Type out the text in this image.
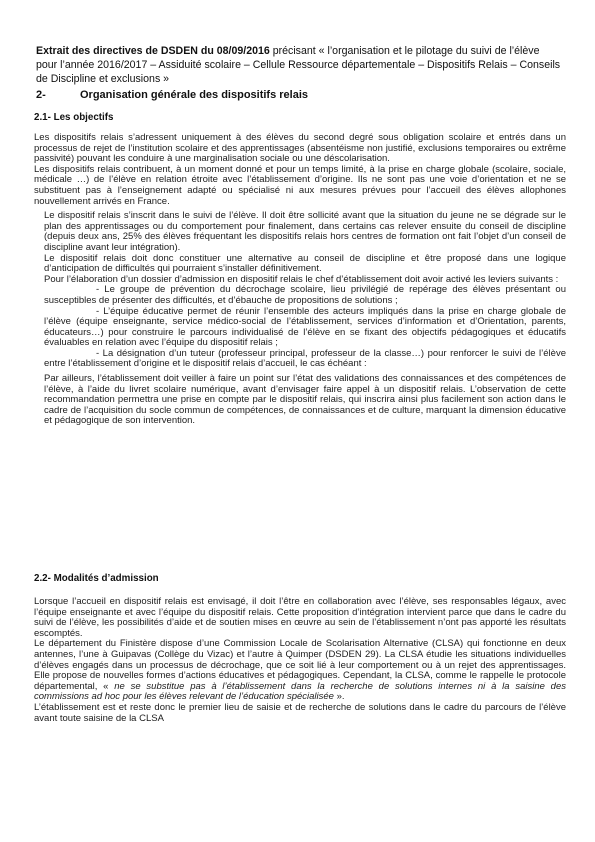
Extrait des directives de DSDEN du 08/09/2016 précisant « l’organisation et le pilotage du suivi de l’élève pour l’année 2016/2017 – Assiduité scolaire – Cellule Ressource départementale – Dispositifs Relais – Conseils de Discipline et exclusions »
2-	Organisation générale des dispositifs relais
2.1- Les objectifs

Les dispositifs relais s’adressent uniquement à des élèves du second degré sous obligation scolaire et entrés dans un processus de rejet de l’institution scolaire et des apprentissages (absentéisme non justifié, exclusions temporaires ou extrême passivité) pouvant les conduire à une marginalisation sociale ou une déscolarisation.

Les dispositifs relais contribuent, à un moment donné et pour un temps limité, à la prise en charge globale (scolaire, sociale, médicale …) de l’élève en relation étroite avec l’établissement d’origine. Ils ne sont pas une voie d’orientation et ne se substituent pas à l’enseignement adapté ou spécialisé ni aux mesures prévues pour l’accueil des élèves allophones nouvellement arrivés en France.

Le dispositif relais s’inscrit dans le suivi de l’élève. Il doit être sollicité avant que la situation du jeune ne se dégrade sur le plan des apprentissages ou du comportement pour finalement, dans certains cas relever ensuite du conseil de discipline (depuis deux ans, 25% des élèves fréquentant les dispositifs relais hors centres de formation ont fait l’objet d’un conseil de discipline avant leur intégration).

Le dispositif relais doit donc constituer une alternative au conseil de discipline et être proposé dans une logique d’anticipation de difficultés qui pourraient s’installer définitivement.

Pour l’élaboration d’un dossier d’admission en dispositif relais le chef d’établissement doit avoir activé les leviers suivants :

- Le groupe de prévention du décrochage scolaire, lieu privilégié de repérage des élèves présentant ou susceptibles de présenter des difficultés, et d’ébauche de propositions de solutions ;

- L’équipe éducative permet de réunir l’ensemble des acteurs impliqués dans la prise en charge globale de l’élève (équipe enseignante, service médico-social de l’établissement, services d’information et d’Orientation, parents, éducateurs…) pour construire le parcours individualisé de l’élève en se fixant des objectifs pédagogiques et éducatifs évaluables en relation avec l’équipe du dispositif relais ;

- La désignation d’un tuteur (professeur principal, professeur de la classe…) pour renforcer le suivi de l’élève entre l’établissement d’origine et le dispositif relais d’accueil, le cas échéant :

Par ailleurs, l’établissement doit veiller à faire un point sur l’état des validations des connaissances et des compétences de l’élève, à l’aide du livret scolaire numérique, avant d’envisager faire appel à un dispositif relais. L’observation de cette recommandation permettra une prise en compte par le dispositif relais, qui inscrira ainsi plus facilement son action dans le cadre de l’acquisition du socle commun de compétences, de connaissances et de culture, marquant la dimension éducative et pédagogique de son intervention.

2.2- Modalités d’admission

Lorsque l’accueil en dispositif relais est envisagé, il doit l’être en collaboration avec l’élève, ses responsables légaux, avec l’équipe enseignante et avec l’équipe du dispositif relais. Cette proposition d’intégration intervient parce que dans le cadre du suivi de l’élève, les possibilités d’aide et de soutien mises en œuvre au sein de l’établissement n’ont pas apporté les résultats escomptés.

Le département du Finistère dispose d’une Commission Locale de Scolarisation Alternative (CLSA) qui fonctionne en deux antennes, l’une à Guipavas (Collège du Vizac) et l’autre à Quimper (DSDEN 29). La CLSA étudie les situations individuelles d’élèves engagés dans un processus de décrochage, que ce soit lié à leur comportement ou à un rejet des apprentissages. Elle propose de nouvelles formes d’actions éducatives et pédagogiques. Cependant, la CLSA, comme le rappelle le protocole départemental, « ne se substitue pas à l’établissement dans la recherche de solutions internes ni à la saisine des commissions ad hoc pour les élèves relevant de l’éducation spécialisée ».

L’établissement est et reste donc le premier lieu de saisie et de recherche de solutions dans le cadre du parcours de l’élève avant toute saisine de la CLSA
